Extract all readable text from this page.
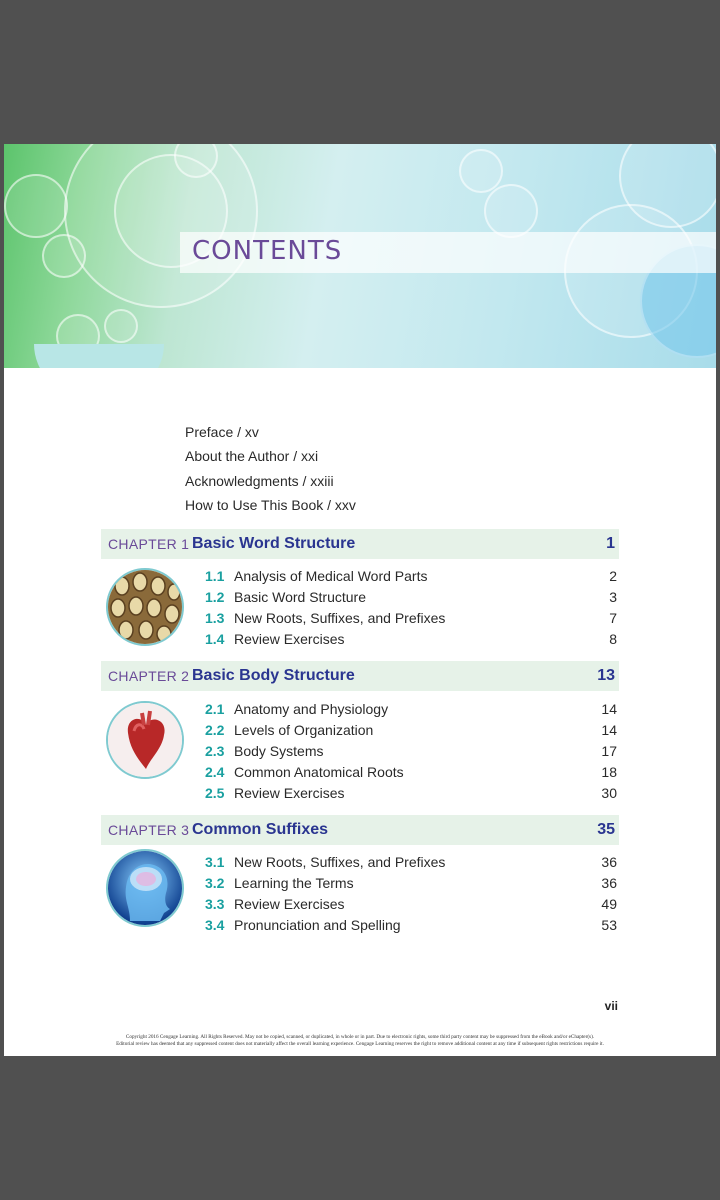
CONTENTS
Preface / xv
About the Author / xxi
Acknowledgments / xxiii
How to Use This Book / xxv
CHAPTER 1 Basic Word Structure	1
1.1 Analysis of Medical Word Parts	2
1.2 Basic Word Structure	3
1.3 New Roots, Suffixes, and Prefixes	7
1.4 Review Exercises	8
CHAPTER 2 Basic Body Structure	13
2.1 Anatomy and Physiology	14
2.2 Levels of Organization	14
2.3 Body Systems	17
2.4 Common Anatomical Roots	18
2.5 Review Exercises	30
CHAPTER 3 Common Suffixes	35
3.1 New Roots, Suffixes, and Prefixes	36
3.2 Learning the Terms	36
3.3 Review Exercises	49
3.4 Pronunciation and Spelling	53
vii
Copyright 2016 Cengage Learning. All Rights Reserved. May not be copied, scanned, or duplicated, in whole or in part. Due to electronic rights, some third party content may be suppressed from the eBook and/or eChapter(s).
Editorial review has deemed that any suppressed content does not materially affect the overall learning experience. Cengage Learning reserves the right to remove additional content at any time if subsequent rights restrictions require it.
